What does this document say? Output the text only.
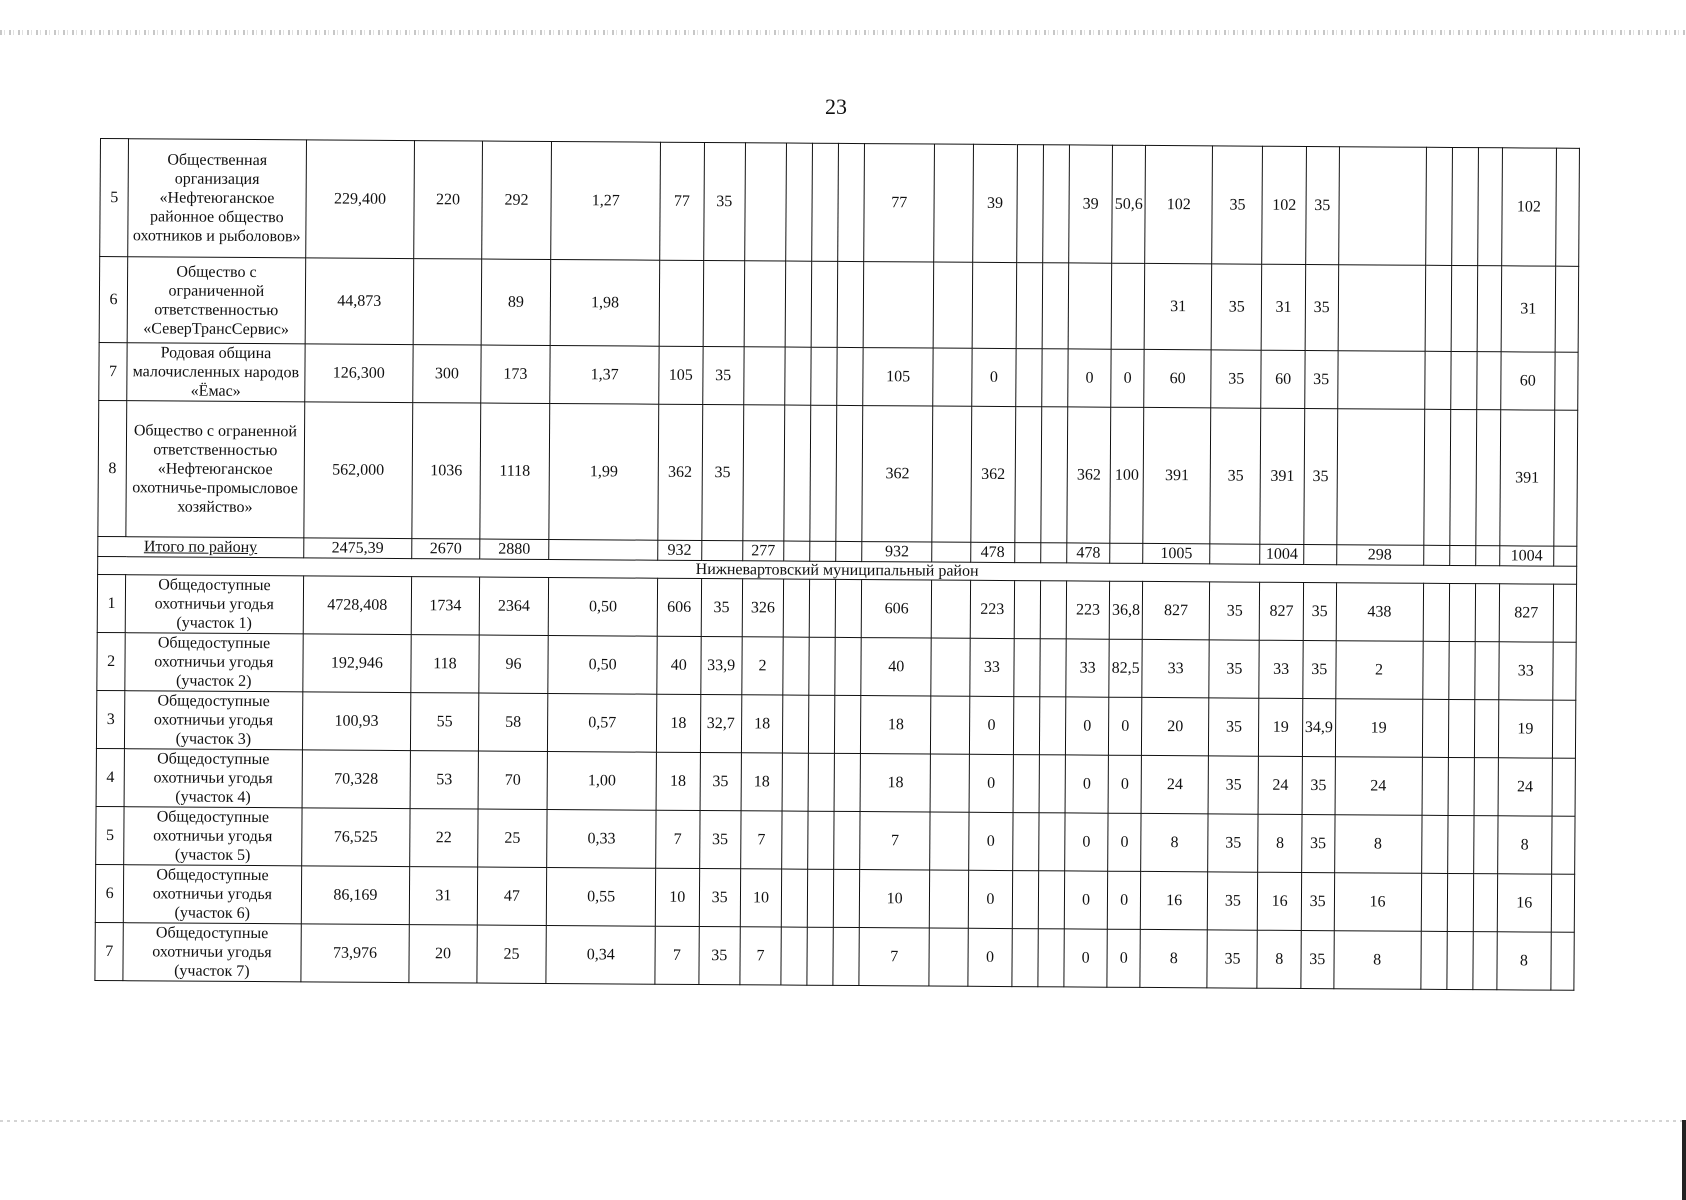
23
5	Общественная организация «Нефтеюганское районное общество охотников и рыболовов»	229,400	220	292	1,27	77	35					77		39			39	50,6	102	35	102	35					102	
6	Общество с ограниченной ответственностью «СеверТрансСервис»	44,873		89	1,98														31	35	31	35					31	
7	Родовая община малочисленных народов «Ёмас»	126,300	300	173	1,37	105	35					105		0			0	0	60	35	60	35					60	
8	Общество с ограненной ответственностью «Нефтеюганское охотничье-промысловое хозяйство»	562,000	1036	1118	1,99	362	35					362		362			362	100	391	35	391	35					391	
Итого по району		2475,39	2670	2880		932		277				932		478			478		1005		1004		298				1004	
Нижневартовский муниципальный район																												
1	Общедоступные охотничьи угодья (участок 1)	4728,408	1734	2364	0,50	606	35	326				606		223			223	36,8	827	35	827	35	438				827	
2	Общедоступные охотничьи угодья (участок 2)	192,946	118	96	0,50	40	33,9	2				40		33			33	82,5	33	35	33	35	2				33	
3	Общедоступные охотничьи угодья (участок 3)	100,93	55	58	0,57	18	32,7	18				18		0			0	0	20	35	19	34,9	19				19	
4	Общедоступные охотничьи угодья (участок 4)	70,328	53	70	1,00	18	35	18				18		0			0	0	24	35	24	35	24				24	
5	Общедоступные охотничьи угодья (участок 5)	76,525	22	25	0,33	7	35	7				7		0			0	0	8	35	8	35	8				8	
6	Общедоступные охотничьи угодья (участок 6)	86,169	31	47	0,55	10	35	10				10		0			0	0	16	35	16	35	16				16	
7	Общедоступные охотничьи угодья (участок 7)	73,976	20	25	0,34	7	35	7				7		0			0	0	8	35	8	35	8				8	
